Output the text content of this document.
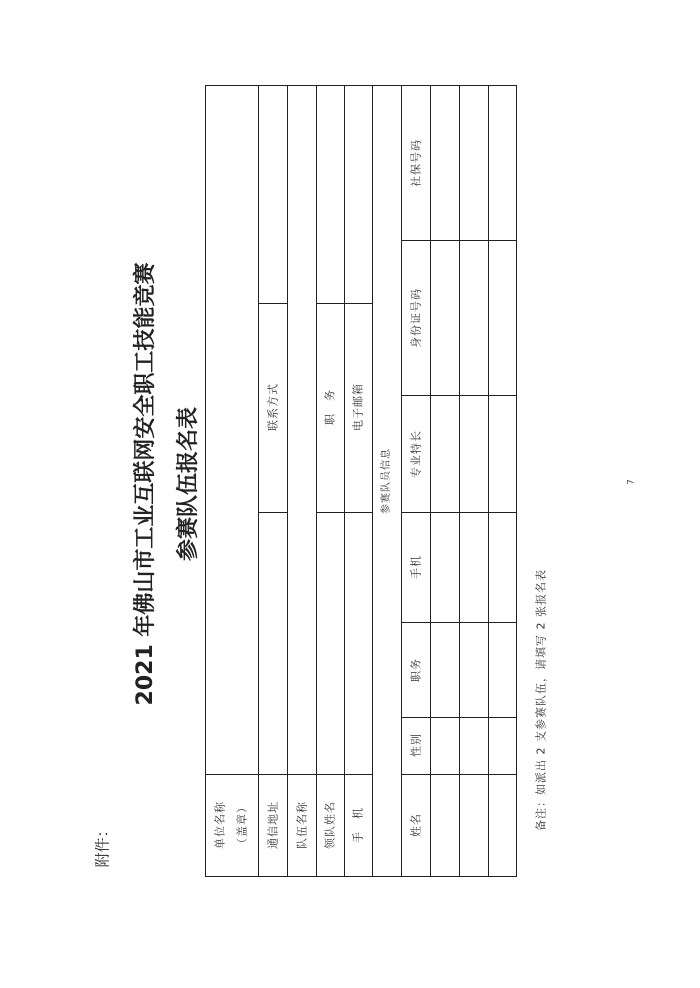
附件：
2021 年佛山市工业互联网安全职工技能竞赛 参赛队伍报名表
单位名称 （盖章） 通信地址
联系方式
队伍名称 领队姓名
职　务
手　机
电子邮箱
参赛队员信息
姓名
性别
职务
手机
专业特长
身份证号码
社保号码
备注：如派出 2 支参赛队伍，请填写 2 张报名表
7
